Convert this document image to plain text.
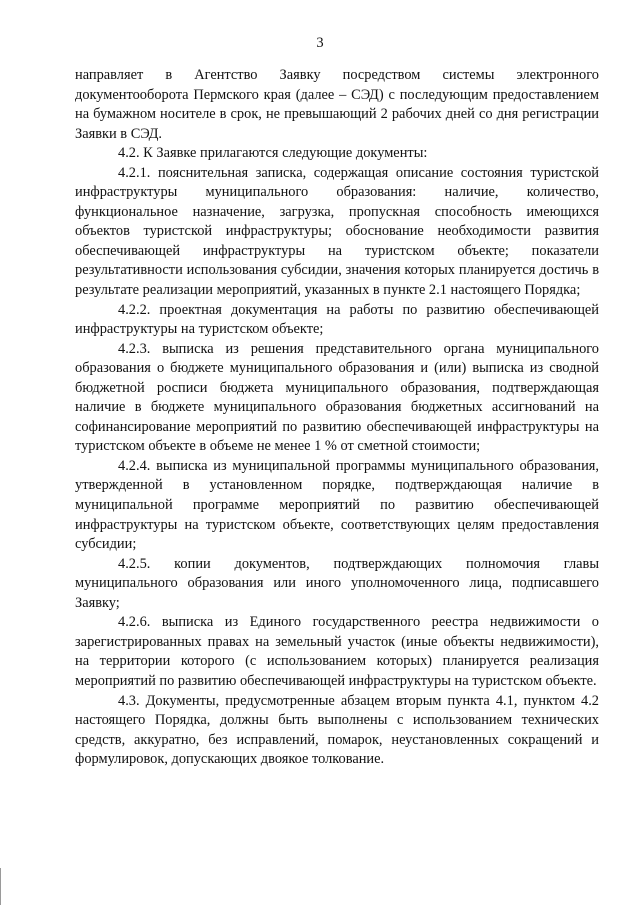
3

направляет в Агентство Заявку посредством системы электронного документооборота Пермского края (далее – СЭД) с последующим предоставлением на бумажном носителе в срок, не превышающий 2 рабочих дней со дня регистрации Заявки в СЭД.

4.2. К Заявке прилагаются следующие документы:

4.2.1. пояснительная записка, содержащая описание состояния туристской инфраструктуры муниципального образования: наличие, количество, функциональное назначение, загрузка, пропускная способность имеющихся объектов туристской инфраструктуры; обоснование необходимости развития обеспечивающей инфраструктуры на туристском объекте; показатели результативности использования субсидии, значения которых планируется достичь в результате реализации мероприятий, указанных в пункте 2.1 настоящего Порядка;

4.2.2. проектная документация на работы по развитию обеспечивающей инфраструктуры на туристском объекте;

4.2.3. выписка из решения представительного органа муниципального образования о бюджете муниципального образования и (или) выписка из сводной бюджетной росписи бюджета муниципального образования, подтверждающая наличие в бюджете муниципального образования бюджетных ассигнований на софинансирование мероприятий по развитию обеспечивающей инфраструктуры на туристском объекте в объеме не менее 1 % от сметной стоимости;

4.2.4. выписка из муниципальной программы муниципального образования, утвержденной в установленном порядке, подтверждающая наличие в муниципальной программе мероприятий по развитию обеспечивающей инфраструктуры на туристском объекте, соответствующих целям предоставления субсидии;

4.2.5. копии документов, подтверждающих полномочия главы муниципального образования или иного уполномоченного лица, подписавшего Заявку;

4.2.6. выписка из Единого государственного реестра недвижимости о зарегистрированных правах на земельный участок (иные объекты недвижимости), на территории которого (с использованием которых) планируется реализация мероприятий по развитию обеспечивающей инфраструктуры на туристском объекте.

4.3. Документы, предусмотренные абзацем вторым пункта 4.1, пунктом 4.2 настоящего Порядка, должны быть выполнены с использованием технических средств, аккуратно, без исправлений, помарок, неустановленных сокращений и формулировок, допускающих двоякое толкование.
